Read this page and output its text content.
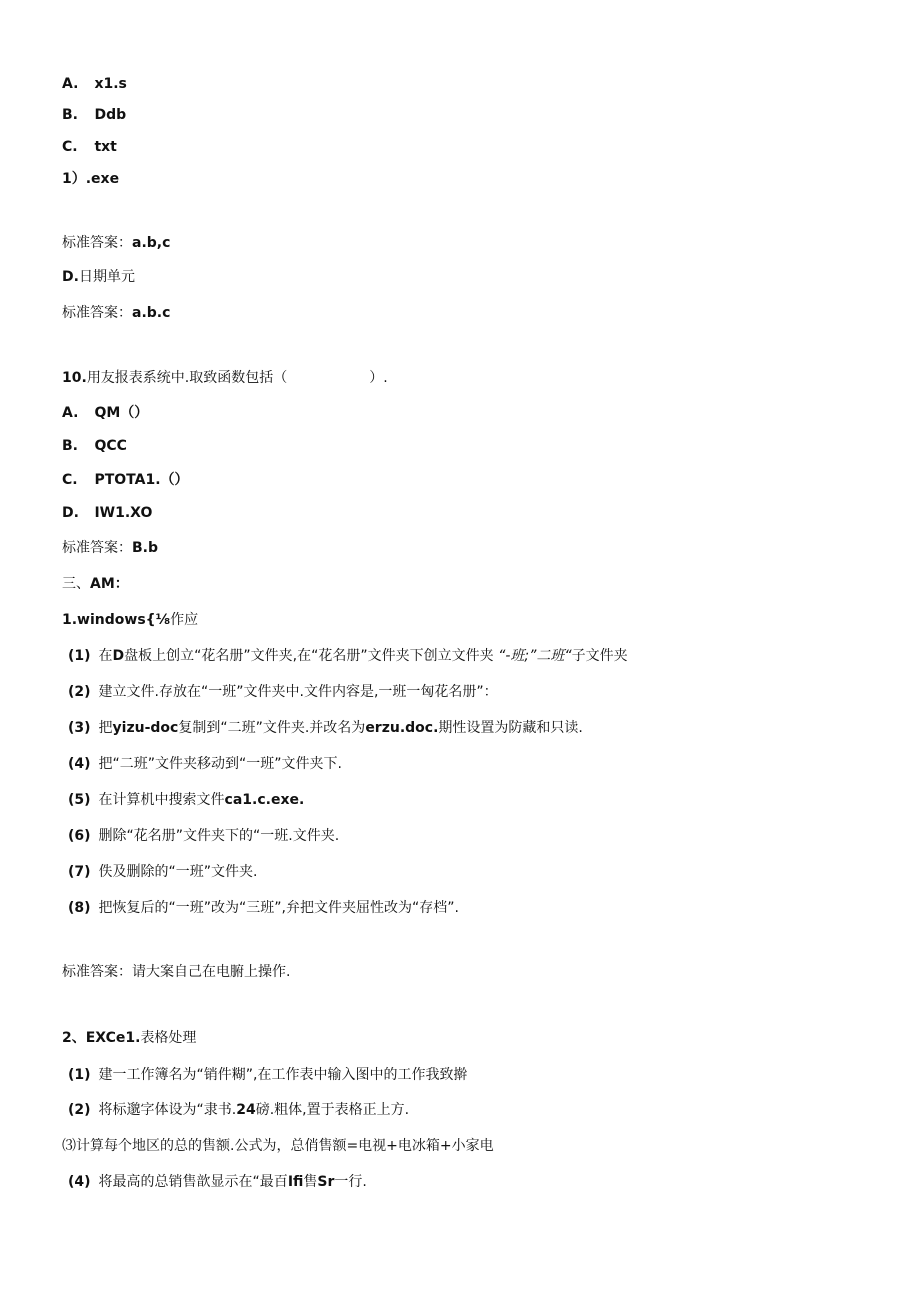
A. x1.s
B. Ddb
C. txt
1）.exe
标准答案：a.b,c
D.日期单元
标准答案：a.b.c
10.用友报表系统中.取致函数包括（	）.
A. QM（）
B. QCC
C. PTOTA1.（）
D. IW1.XO
标准答案：B.b
三、AM：
1.windows{⅛作应
(1) 在D盘板上创立“花名册”文件夹,在“花名册”文件夹下创立文件夹 “-班;”二班“子文件夹
(2) 建立文件.存放在“一班”文件夹中.文件内容是,一班一匈花名册”：
(3) 把yizu-doc复制到“二班”文件夹.并改名为erzu.doc.期性设置为防藏和只读.
(4) 把“二班”文件夹移动到“一班”文件夹下.
(5) 在计算机中搜索文件ca1.c.exe.
(6) 删除“花名册”文件夹下的“一班.文件夹.
(7) 佚及删除的“一班”文件夹.
(8) 把恢复后的“一班”改为“三班”,弁把文件夹屈性改为“存档”.
标准答案：请大案自己在电腑上操作.
2、EXCe1.表格处理
(1) 建一工作簿名为“销件糊”,在工作表中输入图中的工作我致擀
(2) 将标邈字体设为“隶书.24磅.粗体,置于表格正上方.
⑶计算每个地区的总的售额.公式为，总俏售额=电视+电冰箱+小家电
(4) 将最高的总销售歆显示在“最百Ifi售Sr一行.
